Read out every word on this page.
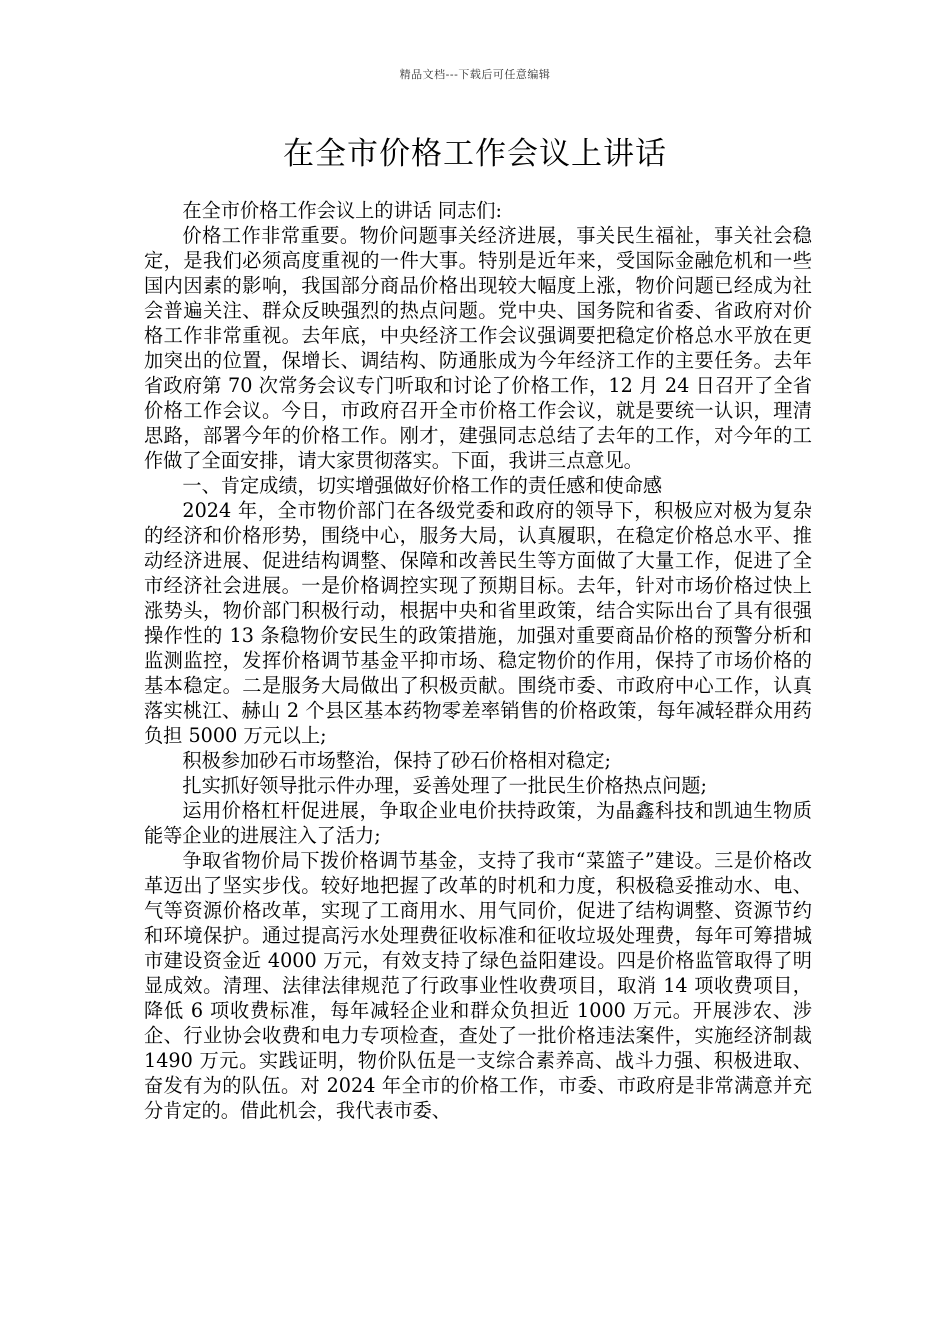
精品文档---下载后可任意编辑
在全市价格工作会议上讲话

在全市价格工作会议上的讲话 同志们:

价格工作非常重要。物价问题事关经济进展，事关民生福祉，事关社会稳定，是我们必须高度重视的一件大事。特别是近年来，受国际金融危机和一些国内因素的影响，我国部分商品价格出现较大幅度上涨，物价问题已经成为社会普遍关注、群众反映强烈的热点问题。党中央、国务院和省委、省政府对价格工作非常重视。去年底，中央经济工作会议强调要把稳定价格总水平放在更加突出的位置，保增长、调结构、防通胀成为今年经济工作的主要任务。去年省政府第 70 次常务会议专门听取和讨论了价格工作，12 月 24 日召开了全省价格工作会议。今日，市政府召开全市价格工作会议，就是要统一认识，理清思路，部署今年的价格工作。刚才，建强同志总结了去年的工作，对今年的工作做了全面安排，请大家贯彻落实。下面，我讲三点意见。

一、肯定成绩，切实增强做好价格工作的责任感和使命感

2024 年，全市物价部门在各级党委和政府的领导下，积极应对极为复杂的经济和价格形势，围绕中心，服务大局，认真履职，在稳定价格总水平、推动经济进展、促进结构调整、保障和改善民生等方面做了大量工作，促进了全市经济社会进展。一是价格调控实现了预期目标。去年，针对市场价格过快上涨势头，物价部门积极行动，根据中央和省里政策，结合实际出台了具有很强操作性的 13 条稳物价安民生的政策措施，加强对重要商品价格的预警分析和监测监控，发挥价格调节基金平抑市场、稳定物价的作用，保持了市场价格的基本稳定。二是服务大局做出了积极贡献。围绕市委、市政府中心工作，认真落实桃江、赫山 2 个县区基本药物零差率销售的价格政策，每年减轻群众用药负担 5000 万元以上;

积极参加砂石市场整治，保持了砂石价格相对稳定;

扎实抓好领导批示件办理，妥善处理了一批民生价格热点问题;

运用价格杠杆促进展，争取企业电价扶持政策，为晶鑫科技和凯迪生物质能等企业的进展注入了活力;

争取省物价局下拨价格调节基金，支持了我市“菜篮子”建设。三是价格改革迈出了坚实步伐。较好地把握了改革的时机和力度，积极稳妥推动水、电、气等资源价格改革，实现了工商用水、用气同价，促进了结构调整、资源节约和环境保护。通过提高污水处理费征收标准和征收垃圾处理费，每年可筹措城市建设资金近 4000 万元，有效支持了绿色益阳建设。四是价格监管取得了明显成效。清理、法律法律规范了行政事业性收费项目，取消 14 项收费项目，降低 6 项收费标准，每年减轻企业和群众负担近 1000 万元。开展涉农、涉企、行业协会收费和电力专项检查，查处了一批价格违法案件，实施经济制裁 1490 万元。实践证明，物价队伍是一支综合素养高、战斗力强、积极进取、奋发有为的队伍。对 2024 年全市的价格工作，市委、市政府是非常满意并充分肯定的。借此机会，我代表市委、
